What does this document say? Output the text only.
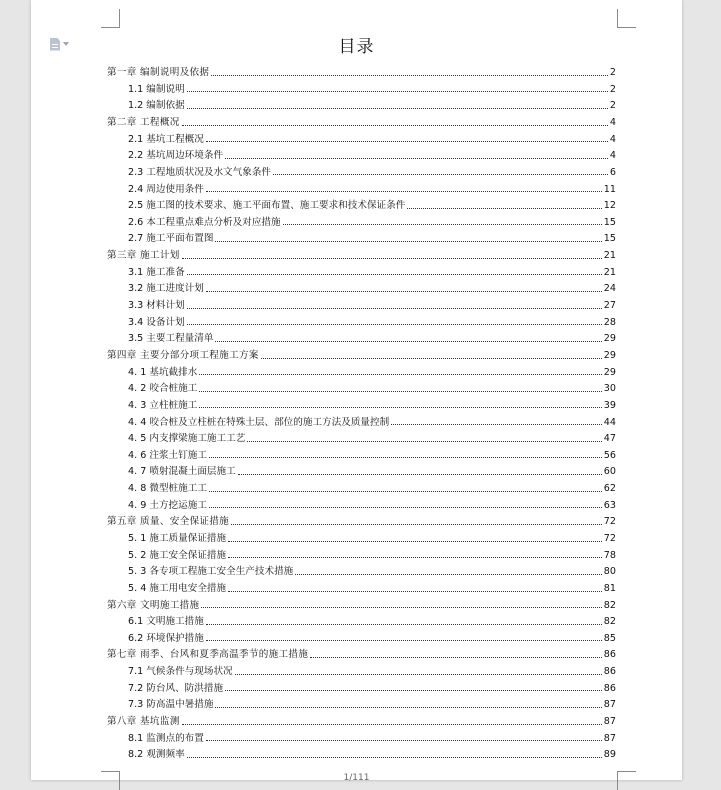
目录
第一章 编制说明及依据	2
1.1 编制说明	2
1.2 编制依据	2
第二章 工程概况	4
2.1 基坑工程概况	4
2.2 基坑周边环境条件	4
2.3 工程地质状况及水文气象条件	6
2.4 周边使用条件	11
2.5 施工图的技术要求、施工平面布置、施工要求和技术保证条件	12
2.6 本工程重点难点分析及对应措施	15
2.7 施工平面布置图	15
第三章 施工计划	21
3.1 施工准备	21
3.2 施工进度计划	24
3.3 材料计划	27
3.4 设备计划	28
3.5 主要工程量清单	29
第四章 主要分部分项工程施工方案	29
4. 1 基坑截排水	29
4. 2 咬合桩施工	30
4. 3 立柱桩施工	39
4. 4 咬合桩及立柱桩在特殊土层、部位的施工方法及质量控制	44
4. 5 内支撑梁施工施工工艺	47
4. 6 注浆土钉施工	56
4. 7 喷射混凝土面层施工	60
4. 8 微型桩施工工	62
4. 9 土方挖运施工	63
第五章 质量、安全保证措施	72
5. 1 施工质量保证措施	72
5. 2 施工安全保证措施	78
5. 3 各专项工程施工安全生产技术措施	80
5. 4 施工用电安全措施	81
第六章 文明施工措施	82
6.1 文明施工措施	82
6.2 环境保护措施	85
第七章 雨季、台风和夏季高温季节的施工措施	86
7.1 气候条件与现场状况	86
7.2 防台风、防洪措施	86
7.3 防高温中暑措施	87
第八章 基坑监测	87
8.1 监测点的布置	87
8.2 观测频率	89
1/111
